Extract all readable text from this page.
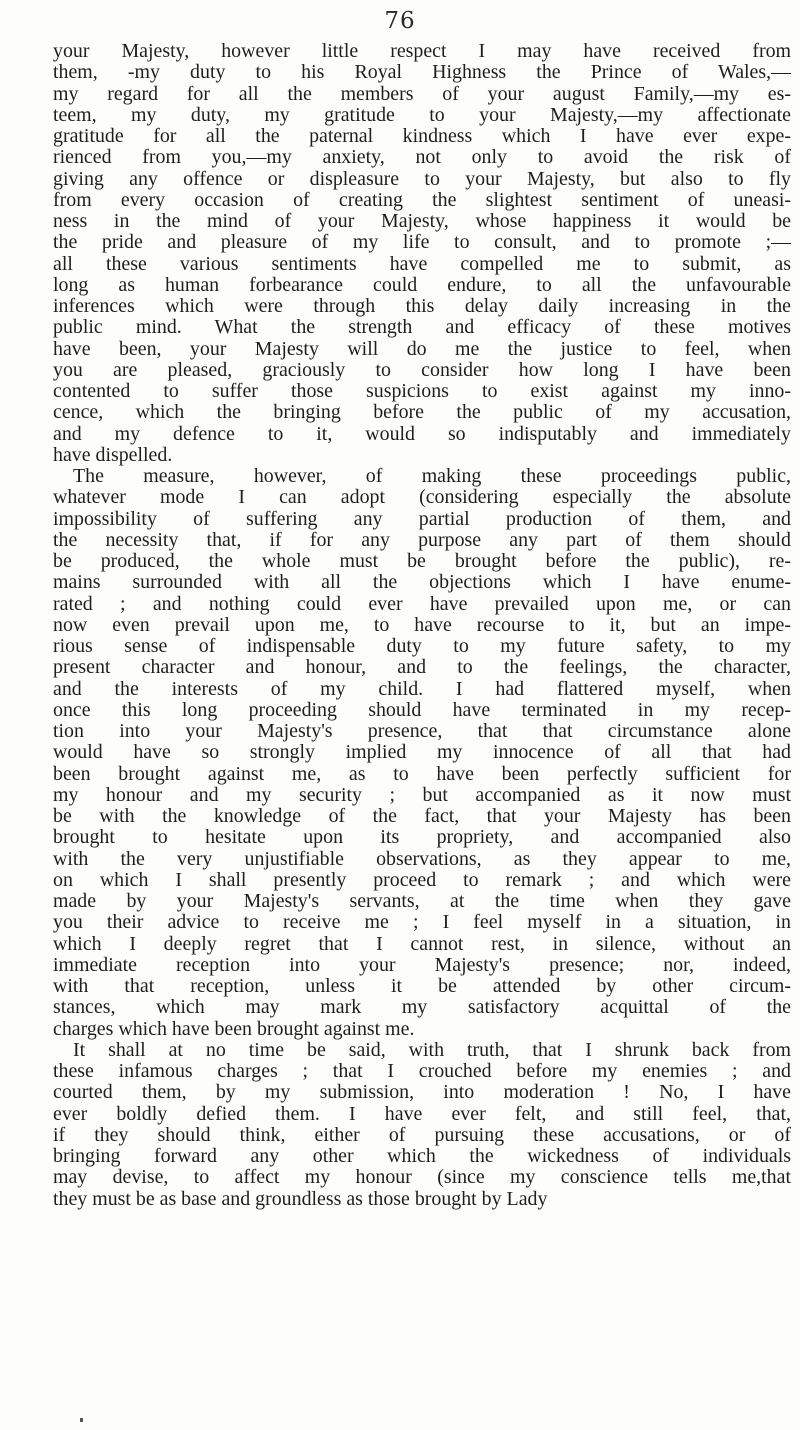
76

your Majesty, however little respect I may have received from
them, -my duty to his Royal Highness the Prince of Wales,—
my regard for all the members of your august Family,—my es-
teem, my duty, my gratitude to your Majesty,—my affectionate
gratitude for all the paternal kindness which I have ever expe-
rienced from you,—my anxiety, not only to avoid the risk of
giving any offence or displeasure to your Majesty, but also to fly
from every occasion of creating the slightest sentiment of uneasi-
ness in the mind of your Majesty, whose happiness it would be
the pride and pleasure of my life to consult, and to promote ;—
all these various sentiments have compelled me to submit, as
long as human forbearance could endure, to all the unfavourable
inferences which were through this delay daily increasing in the
public mind. What the strength and efficacy of these motives
have been, your Majesty will do me the justice to feel, when
you are pleased, graciously to consider how long I have been
contented to suffer those suspicions to exist against my inno-
cence, which the bringing before the public of my accusation,
and my defence to it, would so indisputably and immediately
have dispelled.

The measure, however, of making these proceedings public,
whatever mode I can adopt (considering especially the absolute
impossibility of suffering any partial production of them, and
the necessity that, if for any purpose any part of them should
be produced, the whole must be brought before the public), re-
mains surrounded with all the objections which I have enume-
rated ; and nothing could ever have prevailed upon me, or can
now even prevail upon me, to have recourse to it, but an impe-
rious sense of indispensable duty to my future safety, to my
present character and honour, and to the feelings, the character,
and the interests of my child. I had flattered myself, when
once this long proceeding should have terminated in my recep-
tion into your Majesty's presence, that that circumstance alone
would have so strongly implied my innocence of all that had
been brought against me, as to have been perfectly sufficient for
my honour and my security ; but accompanied as it now must
be with the knowledge of the fact, that your Majesty has been
brought to hesitate upon its propriety, and accompanied also
with the very unjustifiable observations, as they appear to me,
on which I shall presently proceed to remark ; and which were
made by your Majesty's servants, at the time when they gave
you their advice to receive me ; I feel myself in a situation, in
which I deeply regret that I cannot rest, in silence, without an
immediate reception into your Majesty's presence; nor, indeed,
with that reception, unless it be attended by other circum-
stances, which may mark my satisfactory acquittal of the
charges which have been brought against me.

It shall at no time be said, with truth, that I shrunk back from
these infamous charges ; that I crouched before my enemies ; and
courted them, by my submission, into moderation ! No, I have
ever boldly defied them. I have ever felt, and still feel, that,
if they should think, either of pursuing these accusations, or of
bringing forward any other which the wickedness of individuals
may devise, to affect my honour (since my conscience tells me,that
they must be as base and groundless as those brought by Lady
